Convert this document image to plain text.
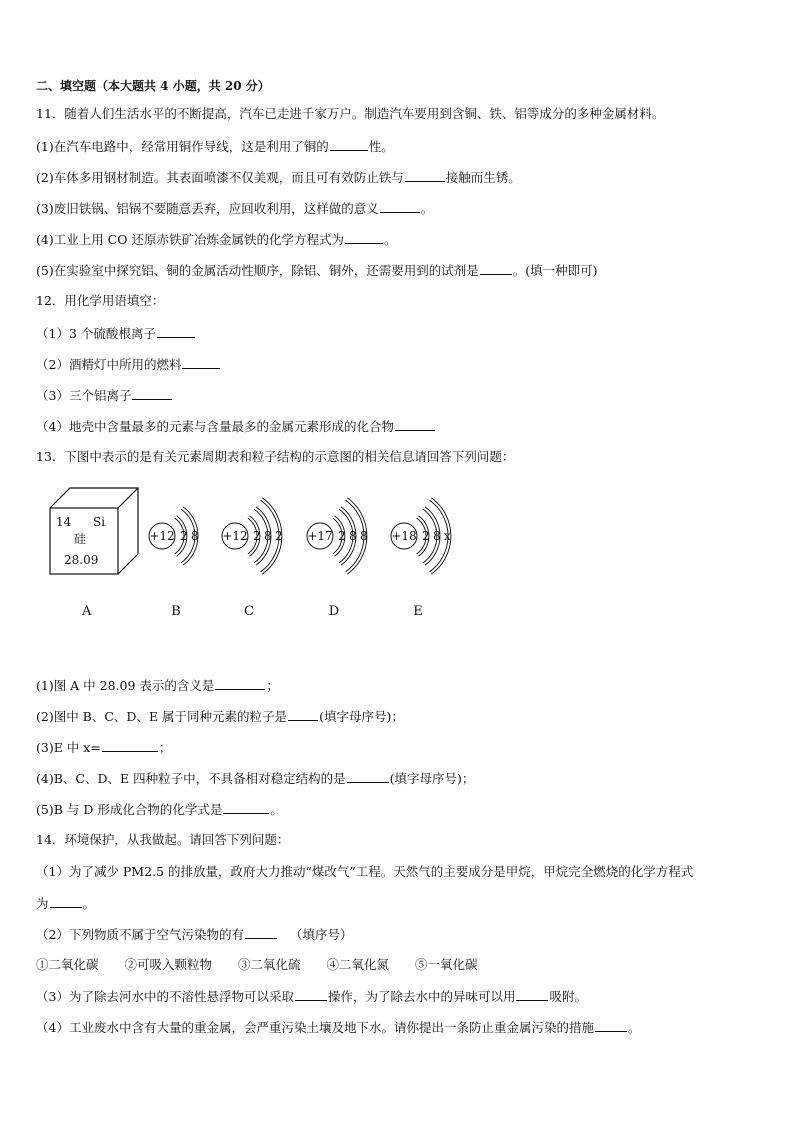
二、填空题（本大题共 4 小题，共 20 分）
11．随着人们生活水平的不断提高，汽车已走进千家万户。制造汽车要用到含铜、铁、铝等成分的多种金属材料。
(1)在汽车电路中，经常用铜作导线，这是利用了铜的	性。
(2)车体多用钢材制造。其表面喷漆不仅美观，而且可有效防止铁与	接触而生锈。
(3)废旧铁锅、铝锅不要随意丢弃，应回收利用，这样做的意义	。
(4)工业上用 CO 还原赤铁矿冶炼金属铁的化学方程式为	。
(5)在实验室中探究铝、铜的金属活动性顺序，除铝、铜外，还需要用到的试剂是	。(填一种即可)
12．用化学用语填空：
（1）3 个硫酸根离子
（2）酒精灯中所用的燃料
（3）三个铝离子
（4）地壳中含量最多的元素与含量最多的金属元素形成的化合物
13．下图中表示的是有关元素周期表和粒子结构的示意图的相关信息请回答下列问题：
14 Si
硅
28.09
A
+12 2 8
B
+12 2 8 2
C
+17 2 8 8
D
+18 2 8 x
E
(1)图 A 中 28.09 表示的含义是	；
(2)图中 B、C、D、E 属于同种元素的粒子是	(填字母序号)；
(3)E 中 x=	；
(4)B、C、D、E 四种粒子中，不具备相对稳定结构的是	(填字母序号)；
(5)B 与 D 形成化合物的化学式是	。
14．环境保护，从我做起。请回答下列问题：
（1）为了减少 PM2.5 的排放量，政府大力推动“煤改气”工程。天然气的主要成分是甲烷，甲烷完全燃烧的化学方程式
为	。
（2）下列物质不属于空气污染物的有	（填序号）
①二氧化碳 ②可吸入颗粒物 ③二氧化硫 ④二氧化氮 ⑤一氧化碳
（3）为了除去河水中的不溶性悬浮物可以采取	操作，为了除去水中的异味可以用	吸附。
（4）工业废水中含有大量的重金属，会严重污染土壤及地下水。请你提出一条防止重金属污染的措施	。
